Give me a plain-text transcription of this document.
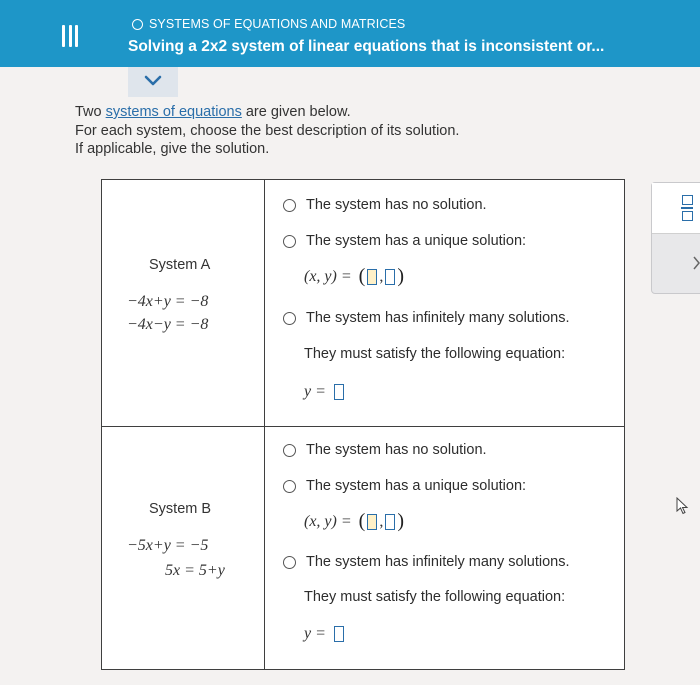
SYSTEMS OF EQUATIONS AND MATRICES
Solving a 2x2 system of linear equations that is inconsistent or...
Two systems of equations are given below.
For each system, choose the best description of its solution.
If applicable, give the solution.
System A
−4x+y = −8
−4x−y = −8
The system has no solution.
The system has a unique solution:
(x, y) = ( , )
The system has infinitely many solutions.
They must satisfy the following equation:
y =
System B
−5x+y = −5
5x = 5+y
The system has no solution.
The system has a unique solution:
(x, y) = ( , )
The system has infinitely many solutions.
They must satisfy the following equation:
y =
